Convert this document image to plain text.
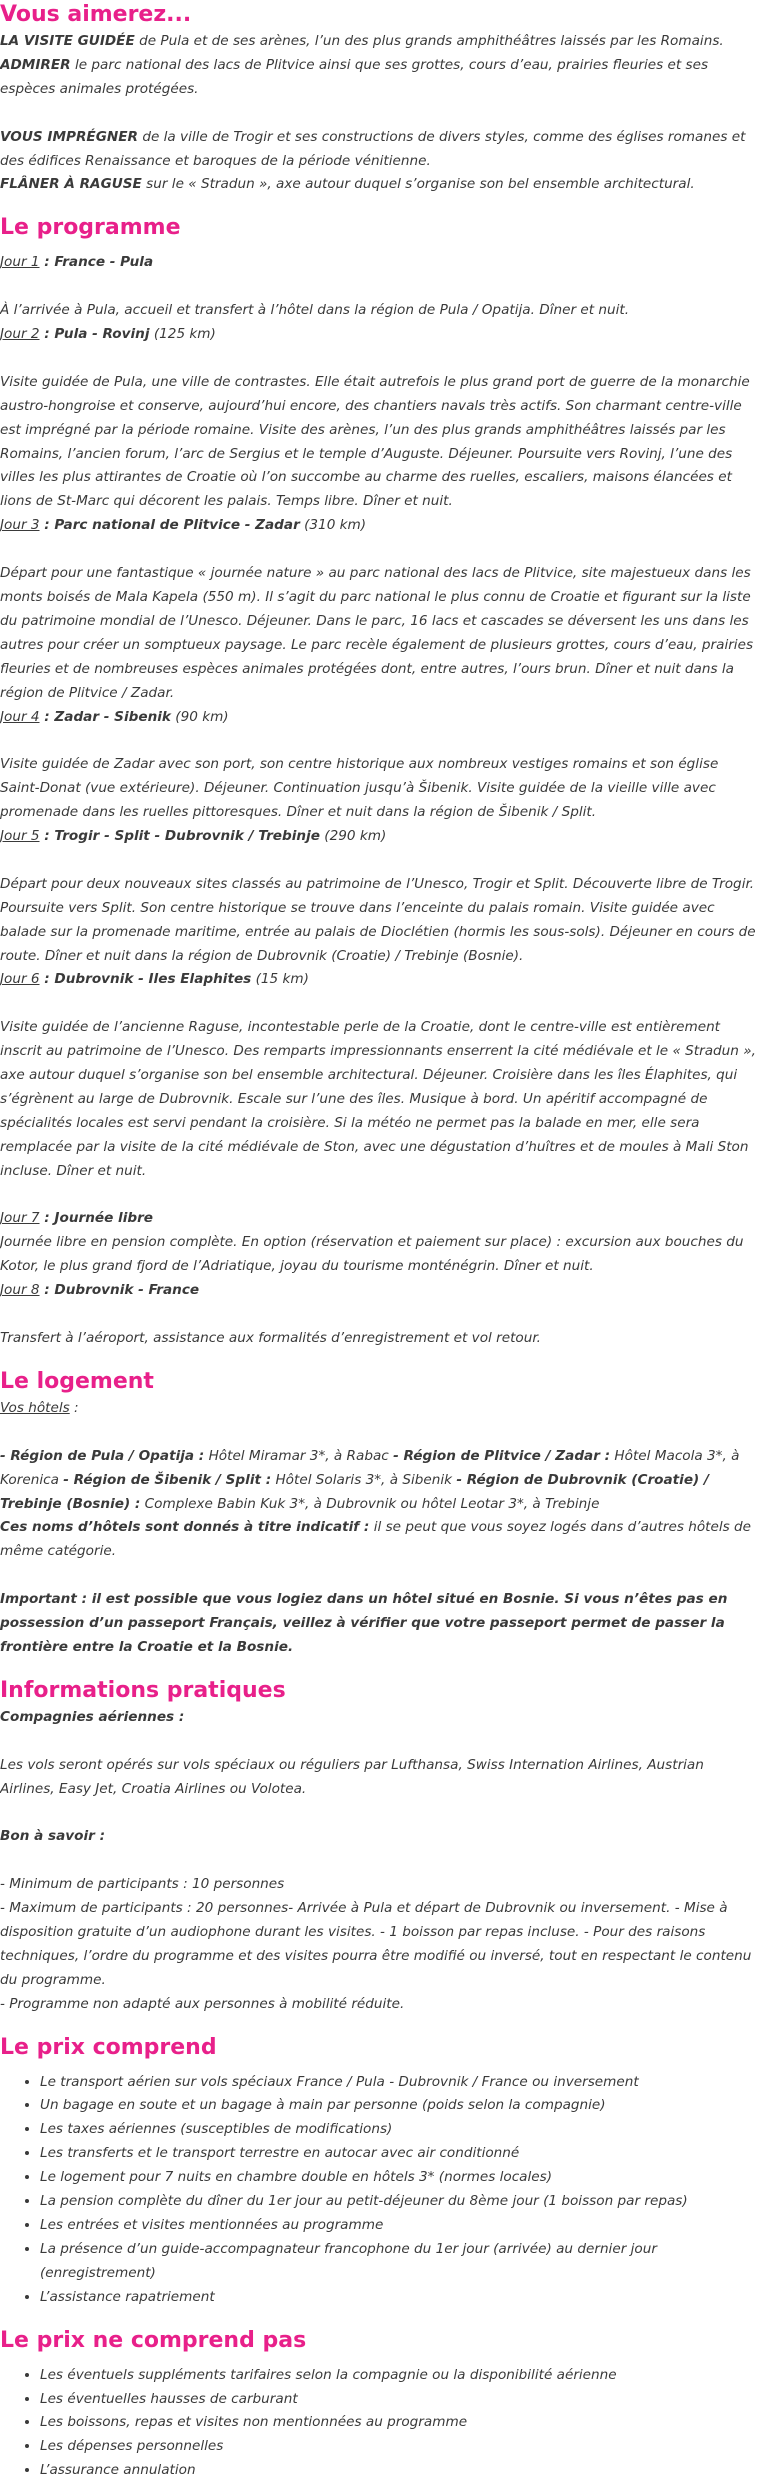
Vous aimerez...

LA VISITE GUIDÉE de Pula et de ses arènes, l’un des plus grands amphithéâtres laissés par les Romains.

ADMIRER le parc national des lacs de Plitvice ainsi que ses grottes, cours d’eau, prairies fleuries et ses espèces animales protégées.

VOUS IMPRÉGNER de la ville de Trogir et ses constructions de divers styles, comme des églises romanes et des édifices Renaissance et baroques de la période vénitienne.

FLÂNER À RAGUSE sur le « Stradun », axe autour duquel s’organise son bel ensemble architectural.

Le programme

Jour 1 : France - Pula

À l’arrivée à Pula, accueil et transfert à l’hôtel dans la région de Pula / Opatija. Dîner et nuit.

Jour 2 : Pula - Rovinj (125 km)

Visite guidée de Pula, une ville de contrastes. Elle était autrefois le plus grand port de guerre de la monarchie austro-hongroise et conserve, aujourd’hui encore, des chantiers navals très actifs. Son charmant centre-ville est imprégné par la période romaine. Visite des arènes, l’un des plus grands amphithéâtres laissés par les Romains, l’ancien forum, l’arc de Sergius et le temple d’Auguste. Déjeuner. Poursuite vers Rovinj, l’une des villes les plus attirantes de Croatie où l’on succombe au charme des ruelles, escaliers, maisons élancées et lions de St-Marc qui décorent les palais. Temps libre. Dîner et nuit.

Jour 3 : Parc national de Plitvice - Zadar (310 km)

Départ pour une fantastique « journée nature » au parc national des lacs de Plitvice, site majestueux dans les monts boisés de Mala Kapela (550 m). Il s’agit du parc national le plus connu de Croatie et figurant sur la liste du patrimoine mondial de l’Unesco. Déjeuner. Dans le parc, 16 lacs et cascades se déversent les uns dans les autres pour créer un somptueux paysage. Le parc recèle également de plusieurs grottes, cours d’eau, prairies fleuries et de nombreuses espèces animales protégées dont, entre autres, l’ours brun. Dîner et nuit dans la région de Plitvice / Zadar.

Jour 4 : Zadar - Sibenik (90 km)

Visite guidée de Zadar avec son port, son centre historique aux nombreux vestiges romains et son église Saint-Donat (vue extérieure). Déjeuner. Continuation jusqu’à Šibenik. Visite guidée de la vieille ville avec promenade dans les ruelles pittoresques. Dîner et nuit dans la région de Šibenik / Split.

Jour 5 : Trogir - Split - Dubrovnik / Trebinje (290 km)

Départ pour deux nouveaux sites classés au patrimoine de l’Unesco, Trogir et Split. Découverte libre de Trogir. Poursuite vers Split. Son centre historique se trouve dans l’enceinte du palais romain. Visite guidée avec balade sur la promenade maritime, entrée au palais de Dioclétien (hormis les sous-sols). Déjeuner en cours de route. Dîner et nuit dans la région de Dubrovnik (Croatie) / Trebinje (Bosnie).

Jour 6 : Dubrovnik - Iles Elaphites (15 km)

Visite guidée de l’ancienne Raguse, incontestable perle de la Croatie, dont le centre-ville est entièrement inscrit au patrimoine de l’Unesco. Des remparts impressionnants enserrent la cité médiévale et le « Stradun », axe autour duquel s’organise son bel ensemble architectural. Déjeuner. Croisière dans les îles Élaphites, qui s’égrènent au large de Dubrovnik. Escale sur l’une des îles. Musique à bord. Un apéritif accompagné de spécialités locales est servi pendant la croisière. Si la météo ne permet pas la balade en mer, elle sera remplacée par la visite de la cité médiévale de Ston, avec une dégustation d’huîtres et de moules à Mali Ston incluse. Dîner et nuit.

Jour 7 : Journée libre

Journée libre en pension complète. En option (réservation et paiement sur place) : excursion aux bouches du Kotor, le plus grand fjord de l’Adriatique, joyau du tourisme monténégrin. Dîner et nuit.

Jour 8 : Dubrovnik - France

Transfert à l’aéroport, assistance aux formalités d’enregistrement et vol retour.

Le logement

Vos hôtels :

- Région de Pula / Opatija : Hôtel Miramar 3*, à Rabac - Région de Plitvice / Zadar : Hôtel Macola 3*, à Korenica - Région de Šibenik / Split : Hôtel Solaris 3*, à Sibenik - Région de Dubrovnik (Croatie) / Trebinje (Bosnie) : Complexe Babin Kuk 3*, à Dubrovnik ou hôtel Leotar 3*, à Trebinje

Ces noms d’hôtels sont donnés à titre indicatif : il se peut que vous soyez logés dans d’autres hôtels de même catégorie.

Important : il est possible que vous logiez dans un hôtel situé en Bosnie. Si vous n’êtes pas en possession d’un passeport Français, veillez à vérifier que votre passeport permet de passer la frontière entre la Croatie et la Bosnie.

Informations pratiques

Compagnies aériennes :

Les vols seront opérés sur vols spéciaux ou réguliers par Lufthansa, Swiss Internation Airlines, Austrian Airlines, Easy Jet, Croatia Airlines ou Volotea.

Bon à savoir :

- Minimum de participants : 10 personnes

- Maximum de participants : 20 personnes- Arrivée à Pula et départ de Dubrovnik ou inversement. - Mise à disposition gratuite d’un audiophone durant les visites. - 1 boisson par repas incluse. - Pour des raisons techniques, l’ordre du programme et des visites pourra être modifié ou inversé, tout en respectant le contenu du programme.

- Programme non adapté aux personnes à mobilité réduite.

Le prix comprend
• Le transport aérien sur vols spéciaux France / Pula - Dubrovnik / France ou inversement
• Un bagage en soute et un bagage à main par personne (poids selon la compagnie)
• Les taxes aériennes (susceptibles de modifications)
• Les transferts et le transport terrestre en autocar avec air conditionné
• Le logement pour 7 nuits en chambre double en hôtels 3* (normes locales)
• La pension complète du dîner du 1er jour au petit-déjeuner du 8ème jour (1 boisson par repas)
• Les entrées et visites mentionnées au programme
• La présence d’un guide-accompagnateur francophone du 1er jour (arrivée) au dernier jour (enregistrement)
• L’assistance rapatriement
Le prix ne comprend pas
• Les éventuels suppléments tarifaires selon la compagnie ou la disponibilité aérienne
• Les éventuelles hausses de carburant
• Les boissons, repas et visites non mentionnées au programme
• Les dépenses personnelles
• L’assurance annulation
